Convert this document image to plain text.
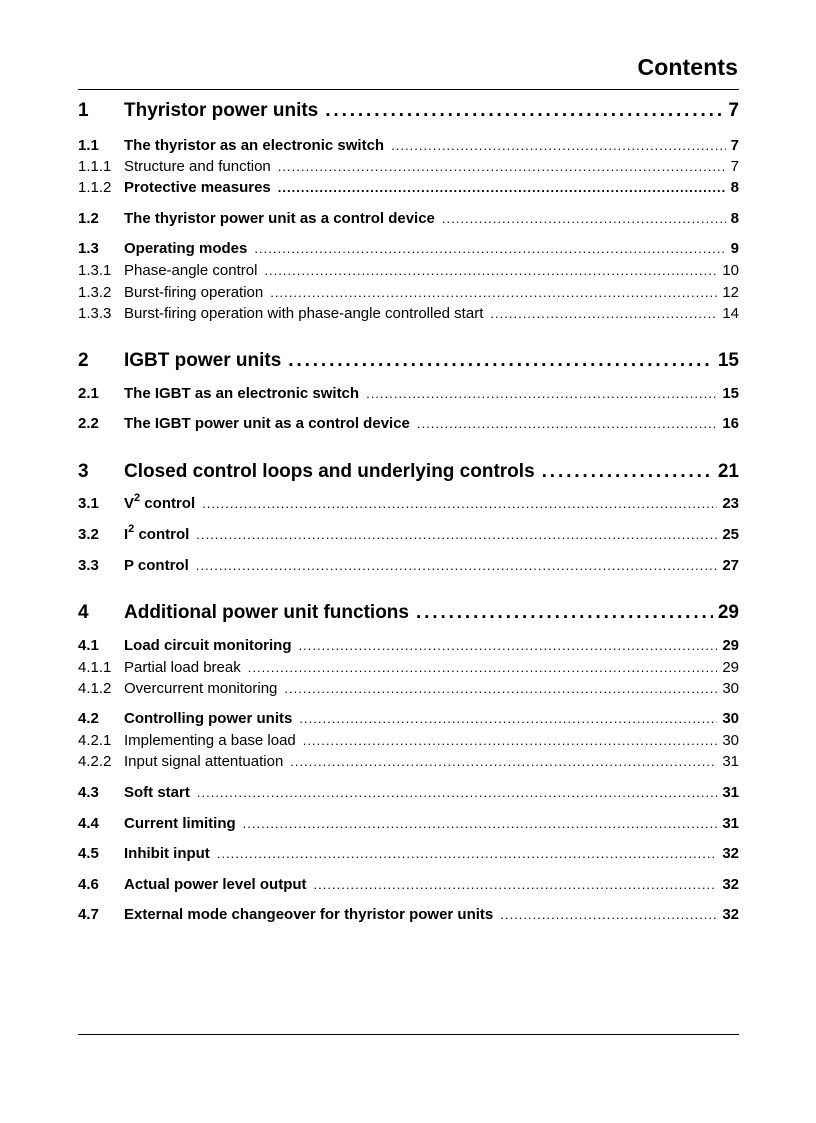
Contents
1	Thyristor power units . . .	7
1.1	The thyristor as an electronic switch . . .	7
1.1.1 Structure and function . . .	7
1.1.2 Protective measures . . .	8
1.2	The thyristor power unit as a control device . . .	8
1.3	Operating modes . . .	9
1.3.1 Phase-angle control . . .	10
1.3.2 Burst-firing operation . . .	12
1.3.3 Burst-firing operation with phase-angle controlled start . . .	14
2	IGBT power units . . .	15
2.1	The IGBT as an electronic switch . . .	15
2.2	The IGBT power unit as a control device . . .	16
3	Closed control loops and underlying controls . . .	21
3.1	$V^2$ control . . .	23
3.2	$I^2$ control . . .	25
3.3	P control . . .	27
4	Additional power unit functions . . .	29
4.1	Load circuit monitoring . . .	29
4.1.1 Partial load break . . .	29
4.1.2 Overcurrent monitoring . . .	30
4.2	Controlling power units . . .	30
4.2.1 Implementing a base load . . .	30
4.2.2 Input signal attentuation . . .	31
4.3	Soft start . . .	31
4.4	Current limiting . . .	31
4.5	Inhibit input . . .	32
4.6	Actual power level output . . .	32
4.7	External mode changeover for thyristor power units . . .	32
